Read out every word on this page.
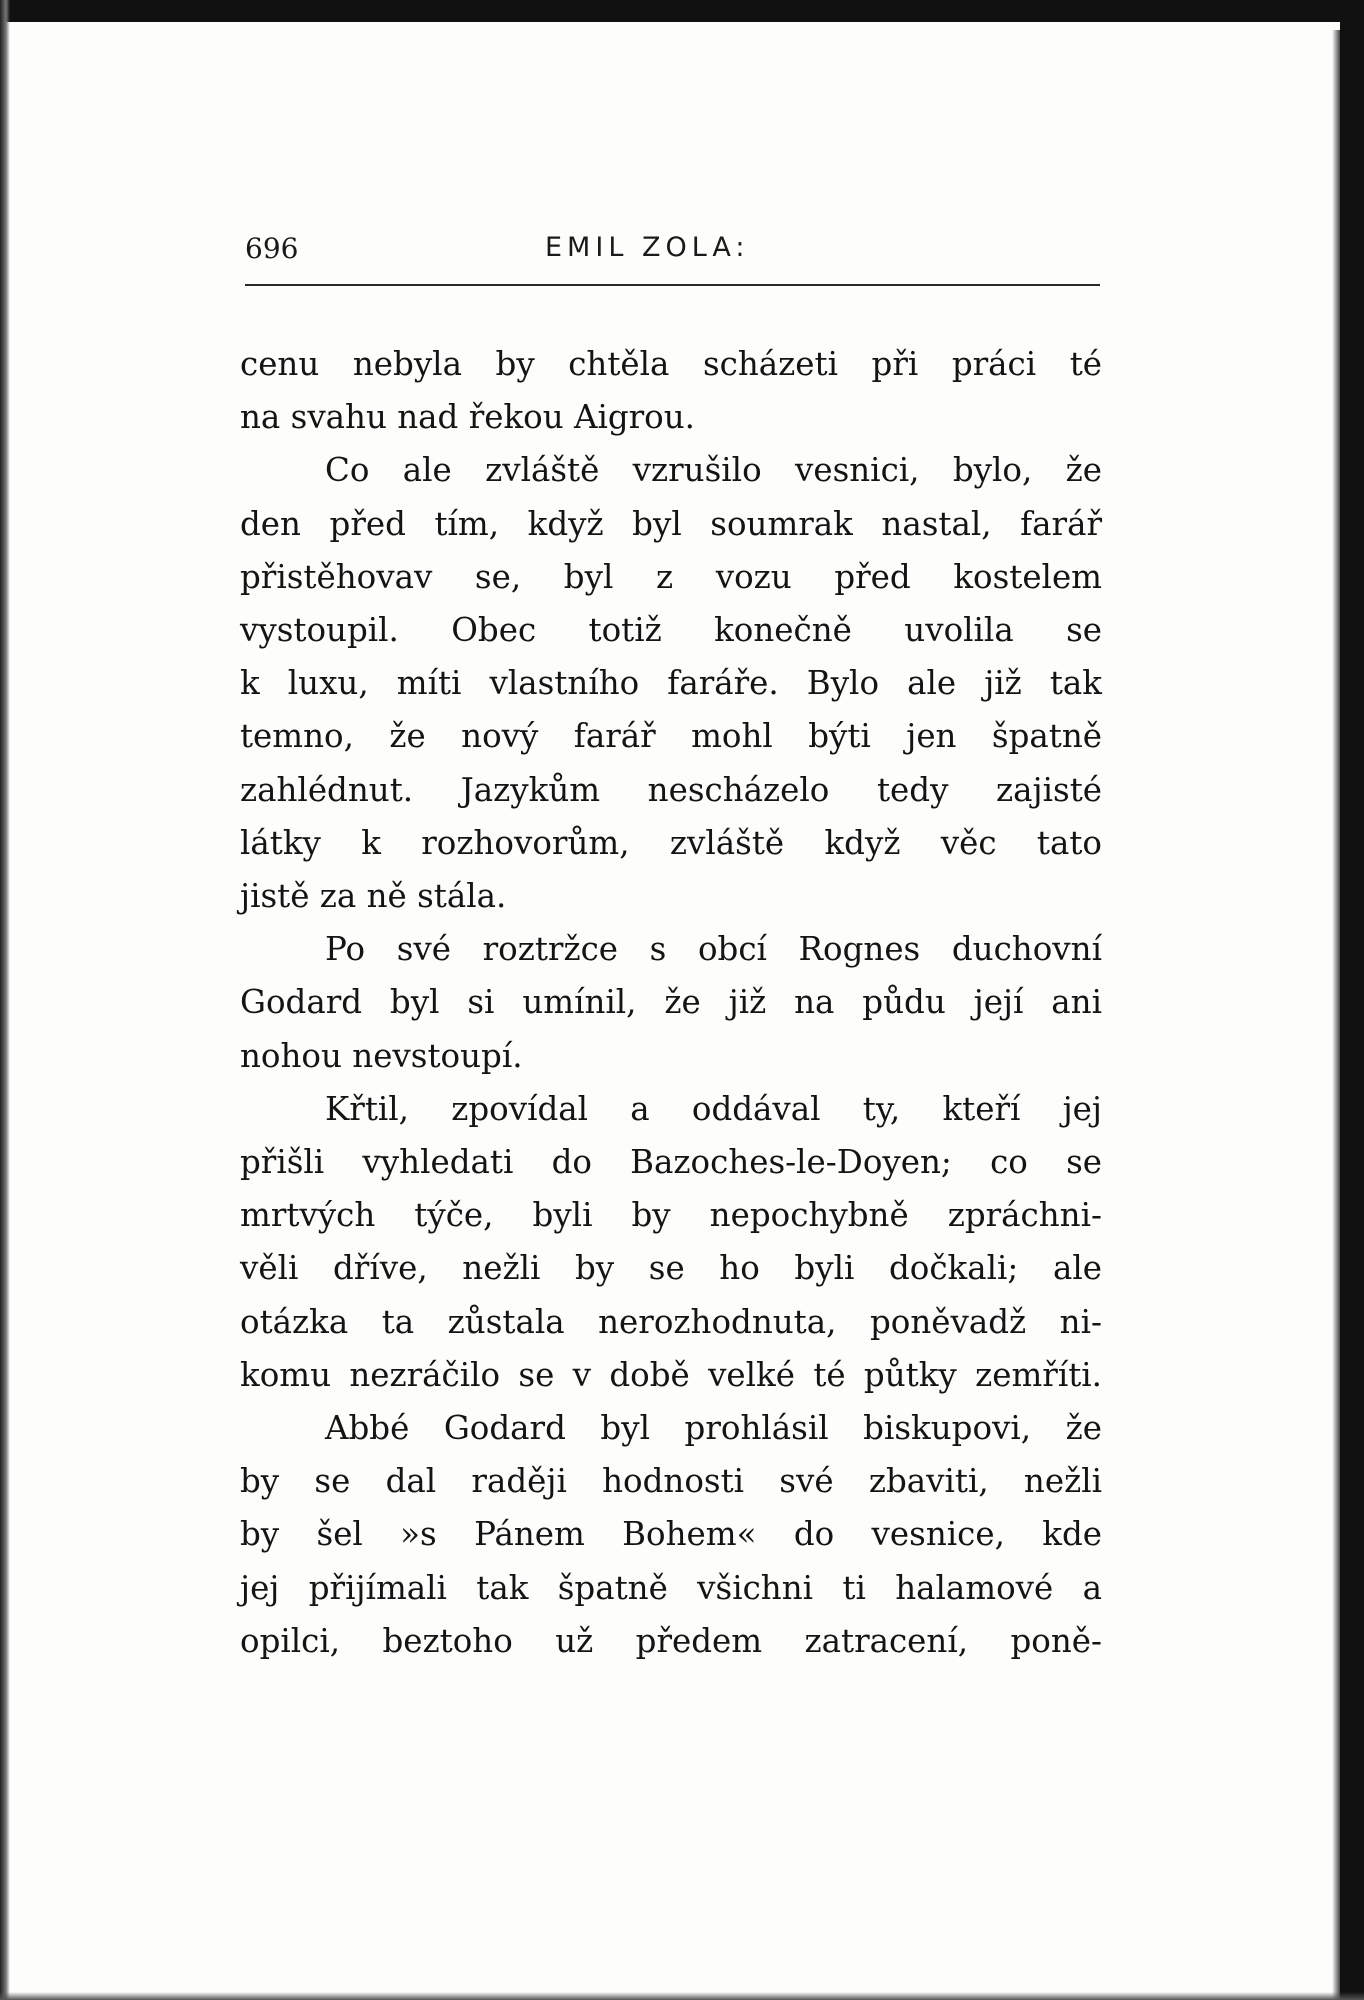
696	EMIL ZOLA:
cenu nebyla by chtěla scházeti při práci té
na svahu nad řekou Aigrou.
Co ale zvláště vzrušilo vesnici, bylo, že
den před tím, když byl soumrak nastal, farář
přistěhovav se, byl z vozu před kostelem
vystoupil. Obec totiž konečně uvolila se
k luxu, míti vlastního faráře. Bylo ale již tak
temno, že nový farář mohl býti jen špatně
zahlédnut. Jazykům nescházelo tedy zajisté
látky k rozhovorům, zvláště když věc tato
jistě za ně stála.
Po své roztržce s obcí Rognes duchovní
Godard byl si umínil, že již na půdu její ani
nohou nevstoupí.
Křtil, zpovídal a oddával ty, kteří jej
přišli vyhledati do Bazoches-le-Doyen; co se
mrtvých týče, byli by nepochybně zpráchni-
věli dříve, nežli by se ho byli dočkali; ale
otázka ta zůstala nerozhodnuta, poněvadž ni-
komu nezráčilo se v době velké té půtky zemříti.
Abbé Godard byl prohlásil biskupovi, že
by se dal raději hodnosti své zbaviti, nežli
by šel »s Pánem Bohem« do vesnice, kde
jej přijímali tak špatně všichni ti halamové a
opilci, beztoho už předem zatracení, poně-
